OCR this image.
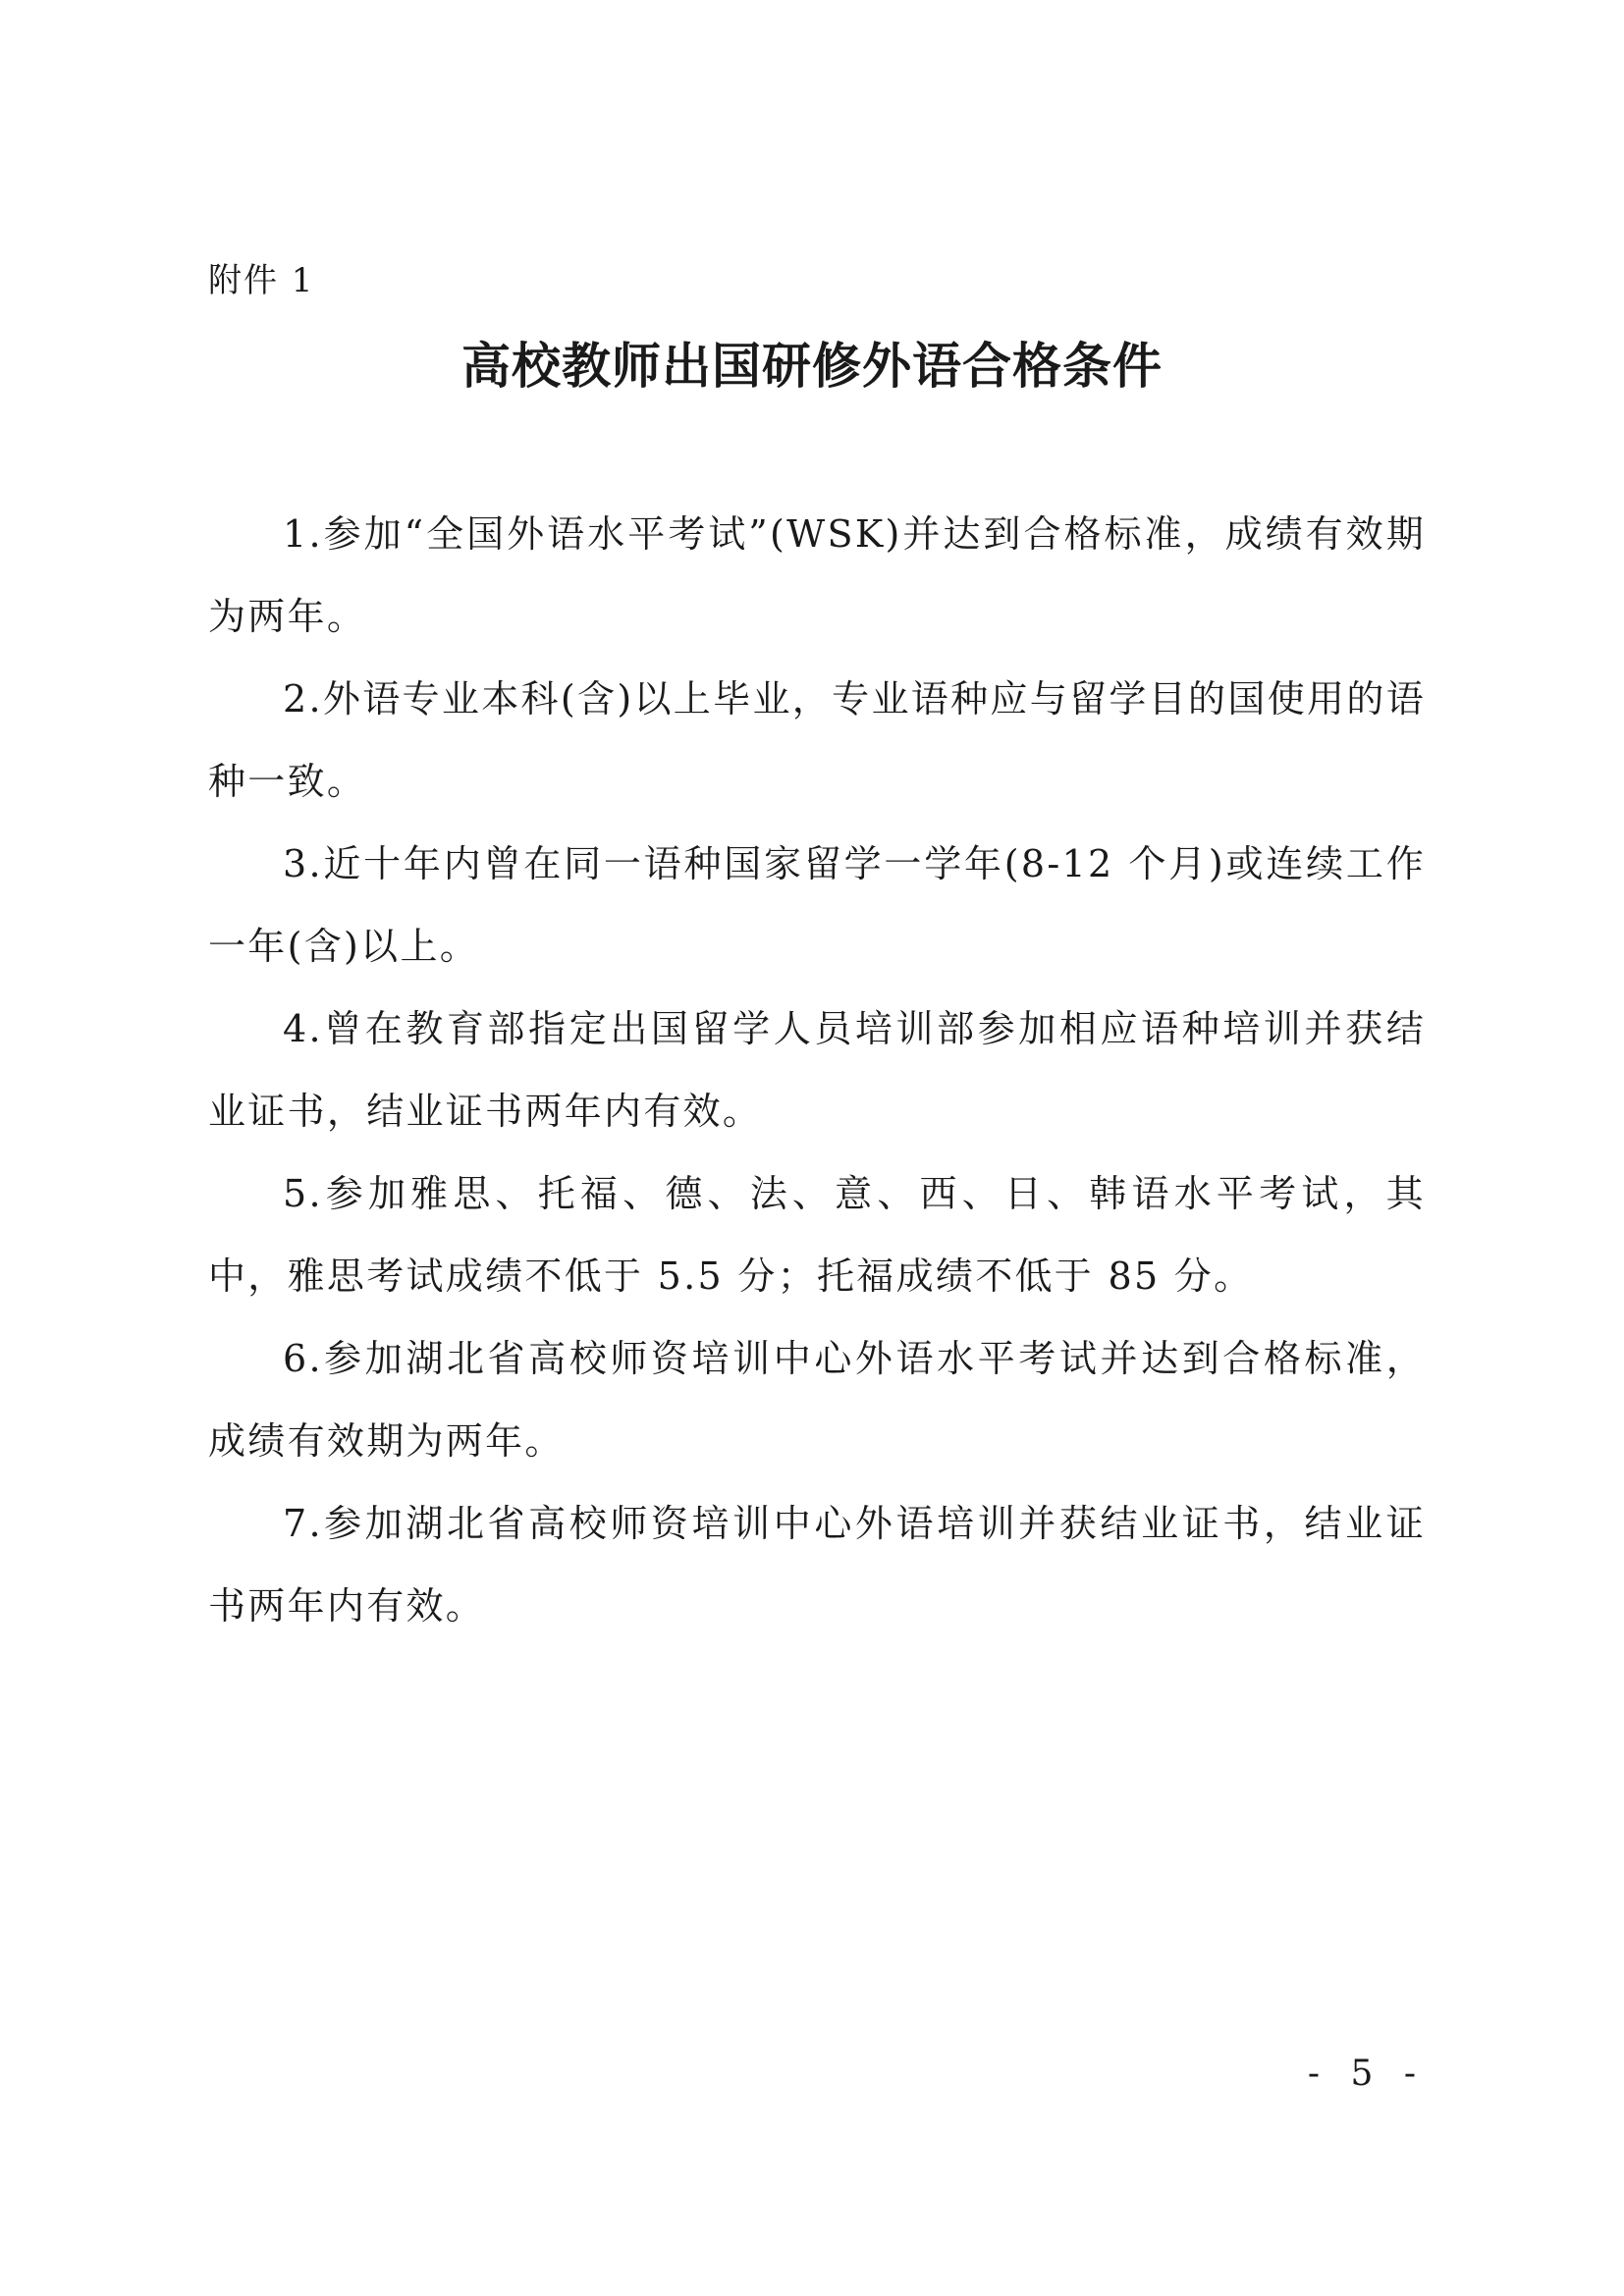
附件 1
高校教师出国研修外语合格条件

1.参加“全国外语水平考试”(WSK)并达到合格标准，成绩有效期为两年。

2.外语专业本科(含)以上毕业，专业语种应与留学目的国使用的语种一致。

3.近十年内曾在同一语种国家留学一学年(8-12 个月)或连续工作一年(含)以上。

4.曾在教育部指定出国留学人员培训部参加相应语种培训并获结业证书，结业证书两年内有效。

5.参加雅思、托福、德、法、意、西、日、韩语水平考试，其中，雅思考试成绩不低于 5.5 分；托福成绩不低于 85 分。

6.参加湖北省高校师资培训中心外语水平考试并达到合格标准，成绩有效期为两年。

7.参加湖北省高校师资培训中心外语培训并获结业证书，结业证书两年内有效。

- 5 -
